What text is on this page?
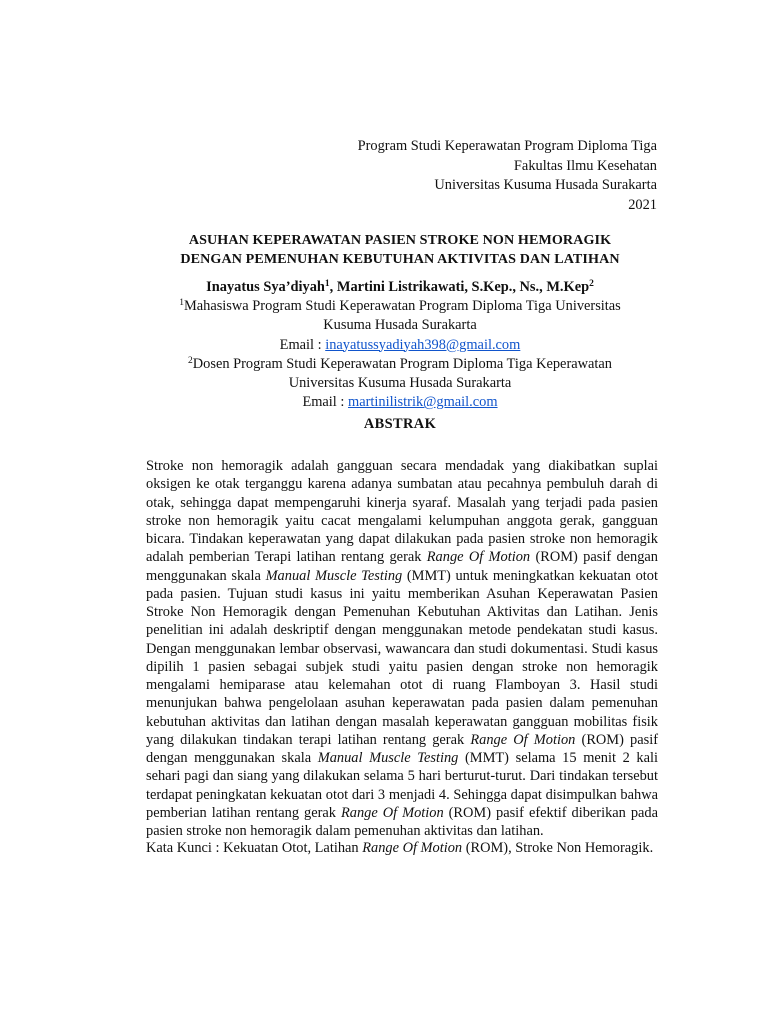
Program Studi Keperawatan Program Diploma Tiga
Fakultas Ilmu Kesehatan
Universitas Kusuma Husada Surakarta
2021
ASUHAN KEPERAWATAN PASIEN STROKE NON HEMORAGIK
DENGAN PEMENUHAN KEBUTUHAN AKTIVITAS DAN LATIHAN
Inayatus Sya’diyah$^1$, Martini Listrikawati, S.Kep., Ns., M.Kep$^2$
$^1$Mahasiswa Program Studi Keperawatan Program Diploma Tiga Universitas
Kusuma Husada Surakarta
Email : inayatussyadiyah398@gmail.com
$^2$Dosen Program Studi Keperawatan Program Diploma Tiga Keperawatan
Universitas Kusuma Husada Surakarta
Email : martinilistrik@gmail.com
ABSTRAK
Stroke non hemoragik adalah gangguan secara mendadak yang diakibatkan suplai oksigen ke otak terganggu karena adanya sumbatan atau pecahnya pembuluh darah di otak, sehingga dapat mempengaruhi kinerja syaraf. Masalah yang terjadi pada pasien stroke non hemoragik yaitu cacat mengalami kelumpuhan anggota gerak, gangguan bicara. Tindakan keperawatan yang dapat dilakukan pada pasien stroke non hemoragik adalah pemberian Terapi latihan rentang gerak Range Of Motion (ROM) pasif dengan menggunakan skala Manual Muscle Testing (MMT) untuk meningkatkan kekuatan otot pada pasien. Tujuan studi kasus ini yaitu memberikan Asuhan Keperawatan Pasien Stroke Non Hemoragik dengan Pemenuhan Kebutuhan Aktivitas dan Latihan. Jenis penelitian ini adalah deskriptif dengan menggunakan metode pendekatan studi kasus. Dengan menggunakan lembar observasi, wawancara dan studi dokumentasi. Studi kasus dipilih 1 pasien sebagai subjek studi yaitu pasien dengan stroke non hemoragik mengalami hemiparase atau kelemahan otot di ruang Flamboyan 3. Hasil studi menunjukan bahwa pengelolaan asuhan keperawatan pada pasien dalam pemenuhan kebutuhan aktivitas dan latihan dengan masalah keperawatan gangguan mobilitas fisik yang dilakukan tindakan terapi latihan rentang gerak Range Of Motion (ROM) pasif dengan menggunakan skala Manual Muscle Testing (MMT) selama 15 menit 2 kali sehari pagi dan siang yang dilakukan selama 5 hari berturut-turut. Dari tindakan tersebut terdapat peningkatan kekuatan otot dari 3 menjadi 4. Sehingga dapat disimpulkan bahwa pemberian latihan rentang gerak Range Of Motion (ROM) pasif efektif diberikan pada pasien stroke non hemoragik dalam pemenuhan aktivitas dan latihan.
Kata Kunci : Kekuatan Otot, Latihan Range Of Motion (ROM), Stroke Non Hemoragik.
